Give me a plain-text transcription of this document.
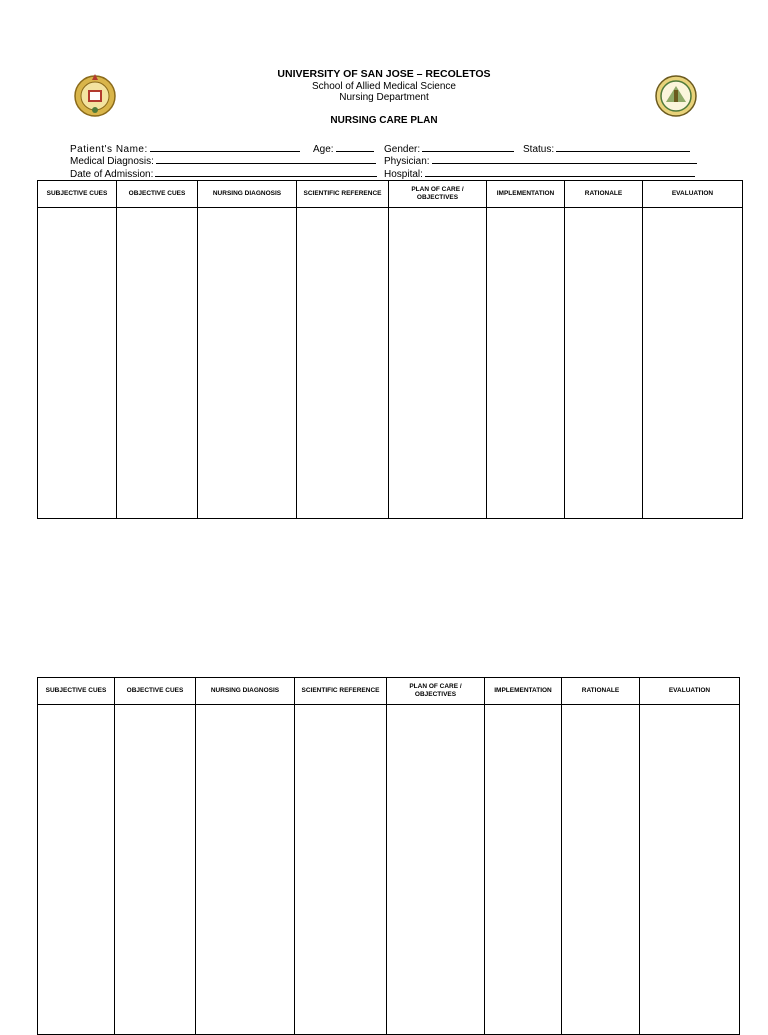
UNIVERSITY OF SAN JOSE – RECOLETOS
School of Allied Medical Science
Nursing Department
NURSING CARE PLAN
Patient's Name:	Age:	Gender:	Status:
Medical Diagnosis:	Physician:
Date of Admission:	Hospital:
SUBJECTIVE CUES	OBJECTIVE CUES	NURSING DIAGNOSIS	SCIENTIFIC REFERENCE	PLAN OF CARE / OBJECTIVES	IMPLEMENTATION	RATIONALE	EVALUATION

SUBJECTIVE CUES	OBJECTIVE CUES	NURSING DIAGNOSIS	SCIENTIFIC REFERENCE	PLAN OF CARE / OBJECTIVES	IMPLEMENTATION	RATIONALE	EVALUATION
